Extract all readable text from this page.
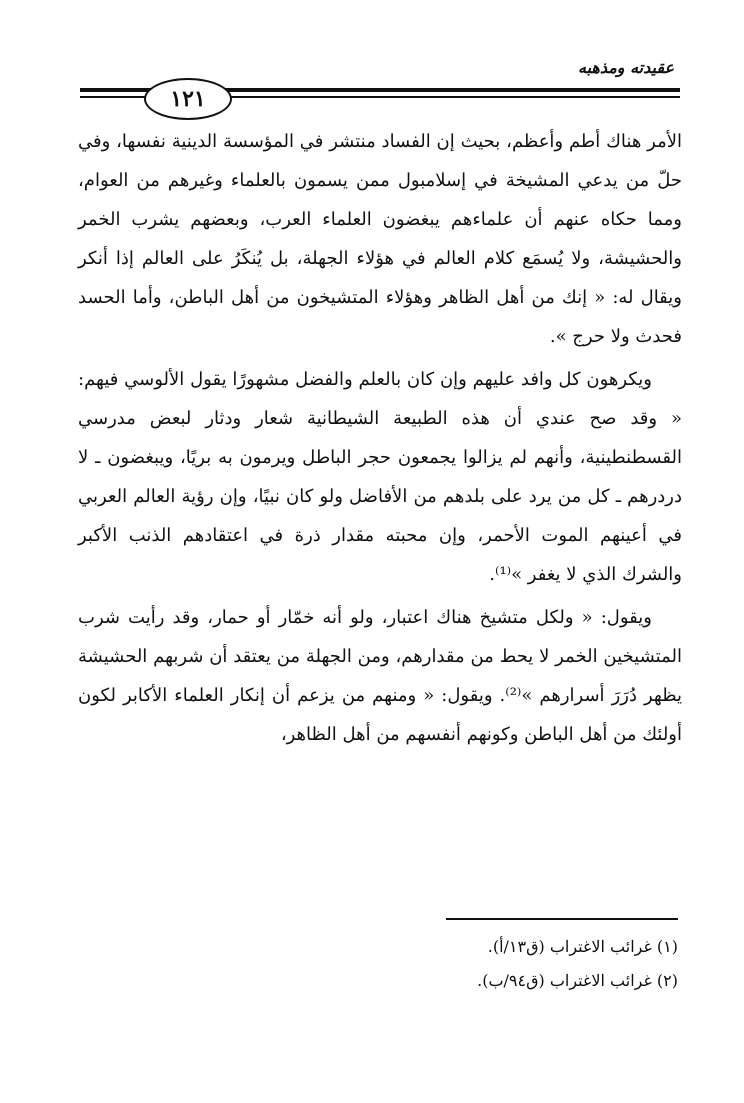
عقيدته ومذهبه
١٢١

الأمر هناك أطم وأعظم، بحيث إن الفساد منتشر في المؤسسة الدينية نفسها، وفي حلّ من يدعي المشيخة في إسلامبول ممن يسمون بالعلماء وغيرهم من العوام، ومما حكاه عنهم أن علماءهم يبغضون العلماء العرب، وبعضهم يشرب الخمر والحشيشة، ولا يُسمَع كلام العالم في هؤلاء الجهلة، بل يُنكَرُ على العالم إذا أنكر ويقال له: « إنك من أهل الظاهر وهؤلاء المتشيخون من أهل الباطن، وأما الحسد فحدث ولا حرج ».

ويكرهون كل وافد عليهم وإن كان بالعلم والفضل مشهورًا يقول الألوسي فيهم: « وقد صح عندي أن هذه الطبيعة الشيطانية شعار ودثار لبعض مدرسي القسطنطينية، وأنهم لم يزالوا يجمعون حجر الباطل ويرمون به بريًا، ويبغضون ـ لا دردرهم ـ كل من يرد على بلدهم من الأفاضل ولو كان نبيًا، وإن رؤية العالم العربي في أعينهم الموت الأحمر، وإن محبته مقدار ذرة في اعتقادهم الذنب الأكبر والشرك الذي لا يغفر »⁽¹⁾.

ويقول: « ولكل متشيخ هناك اعتبار، ولو أنه خمّار أو حمار، وقد رأيت شرب المتشيخين الخمر لا يحط من مقدارهم، ومن الجهلة من يعتقد أن شربهم الحشيشة يظهر دُرَرَ أسرارهم »⁽²⁾. ويقول: « ومنهم من يزعم أن إنكار العلماء الأكابر لكون أولئك من أهل الباطن وكونهم أنفسهم من أهل الظاهر،

(١) غرائب الاغتراب (ق١٣/أ).
(٢) غرائب الاغتراب (ق٩٤/ب).
